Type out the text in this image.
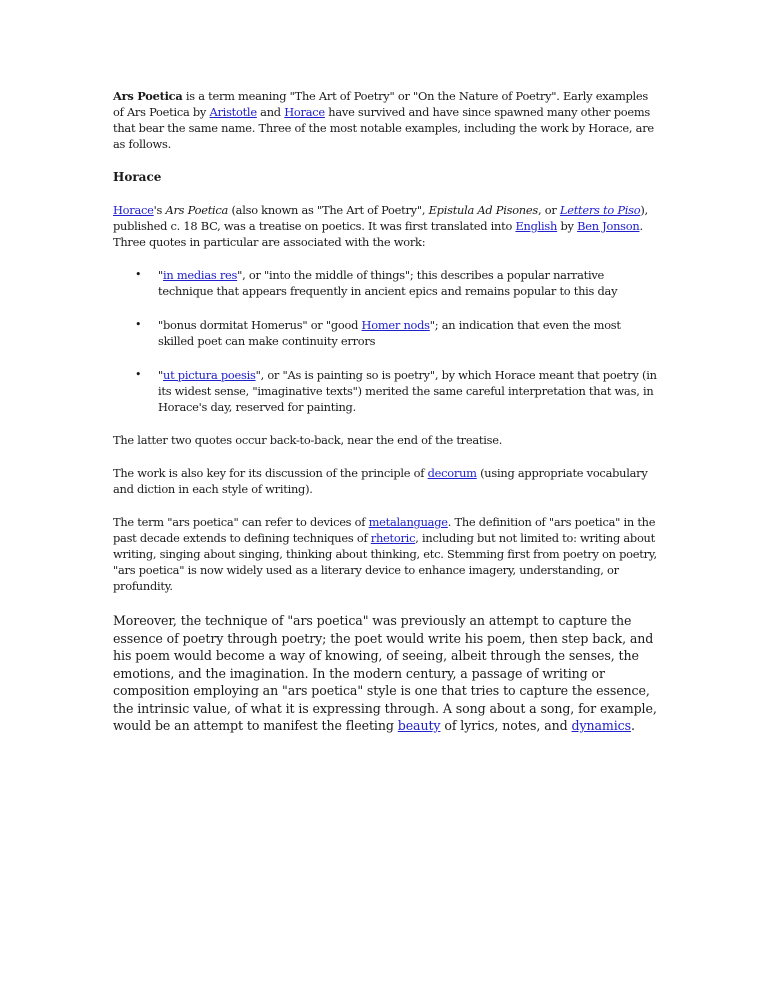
Ars Poetica is a term meaning "The Art of Poetry" or "On the Nature of Poetry". Early examples of Ars Poetica by Aristotle and Horace have survived and have since spawned many other poems that bear the same name. Three of the most notable examples, including the work by Horace, are as follows.

Horace

Horace's Ars Poetica (also known as "The Art of Poetry", Epistula Ad Pisones, or Letters to Piso), published c. 18 BC, was a treatise on poetics. It was first translated into English by Ben Jonson. Three quotes in particular are associated with the work:

• "in medias res", or "into the middle of things"; this describes a popular narrative technique that appears frequently in ancient epics and remains popular to this day
• "bonus dormitat Homerus" or "good Homer nods"; an indication that even the most skilled poet can make continuity errors
• "ut pictura poesis", or "As is painting so is poetry", by which Horace meant that poetry (in its widest sense, "imaginative texts") merited the same careful interpretation that was, in Horace's day, reserved for painting.

The latter two quotes occur back-to-back, near the end of the treatise.

The work is also key for its discussion of the principle of decorum (using appropriate vocabulary and diction in each style of writing).

The term "ars poetica" can refer to devices of metalanguage. The definition of "ars poetica" in the past decade extends to defining techniques of rhetoric, including but not limited to: writing about writing, singing about singing, thinking about thinking, etc. Stemming first from poetry on poetry, "ars poetica" is now widely used as a literary device to enhance imagery, understanding, or profundity.

Moreover, the technique of "ars poetica" was previously an attempt to capture the essence of poetry through poetry; the poet would write his poem, then step back, and his poem would become a way of knowing, of seeing, albeit through the senses, the emotions, and the imagination. In the modern century, a passage of writing or composition employing an "ars poetica" style is one that tries to capture the essence, the intrinsic value, of what it is expressing through. A song about a song, for example, would be an attempt to manifest the fleeting beauty of lyrics, notes, and dynamics.
